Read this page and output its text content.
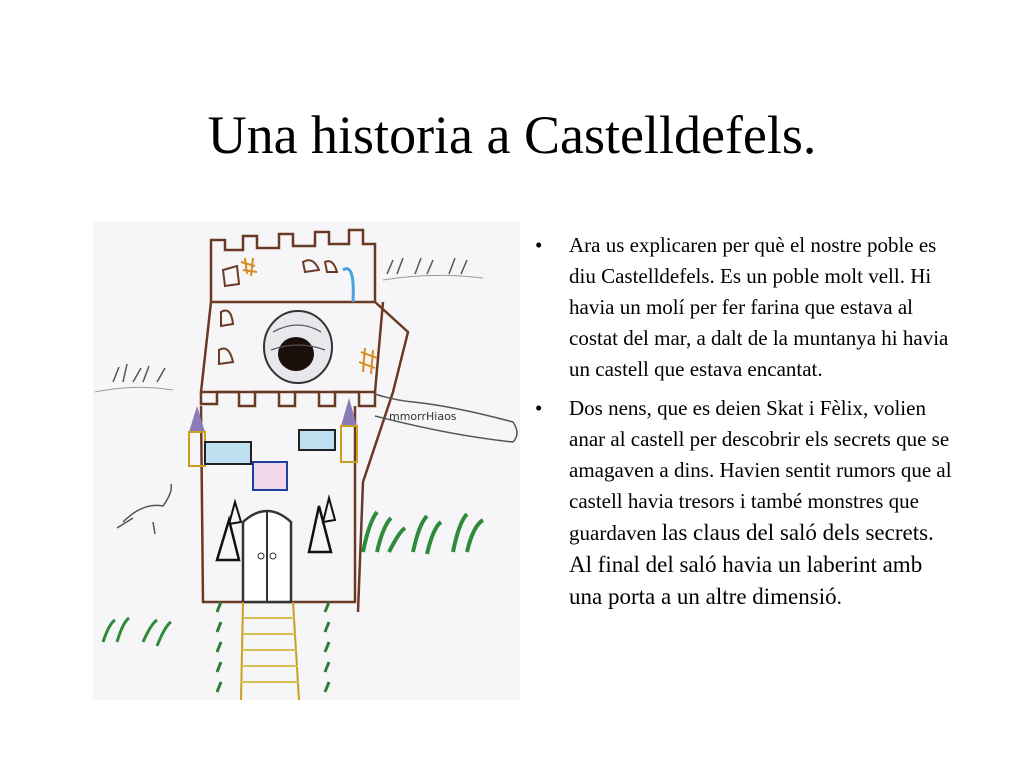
Una historia a Castelldefels.
mmorrHiaos
• Ara us explicaren per què el nostre poble es diu Castelldefels. Es un poble molt vell. Hi havia un molí per fer farina que estava al costat del mar, a dalt de la muntanya hi havia un castell que estava encantat.
• Dos nens, que es deien Skat i Fèlix, volien anar al castell per descobrir els secrets que se amagaven a dins. Havien sentit rumors que al castell havia tresors i també monstres que guardaven las claus del saló dels secrets. Al final del saló havia un laberint amb una porta a un altre dimensió.
